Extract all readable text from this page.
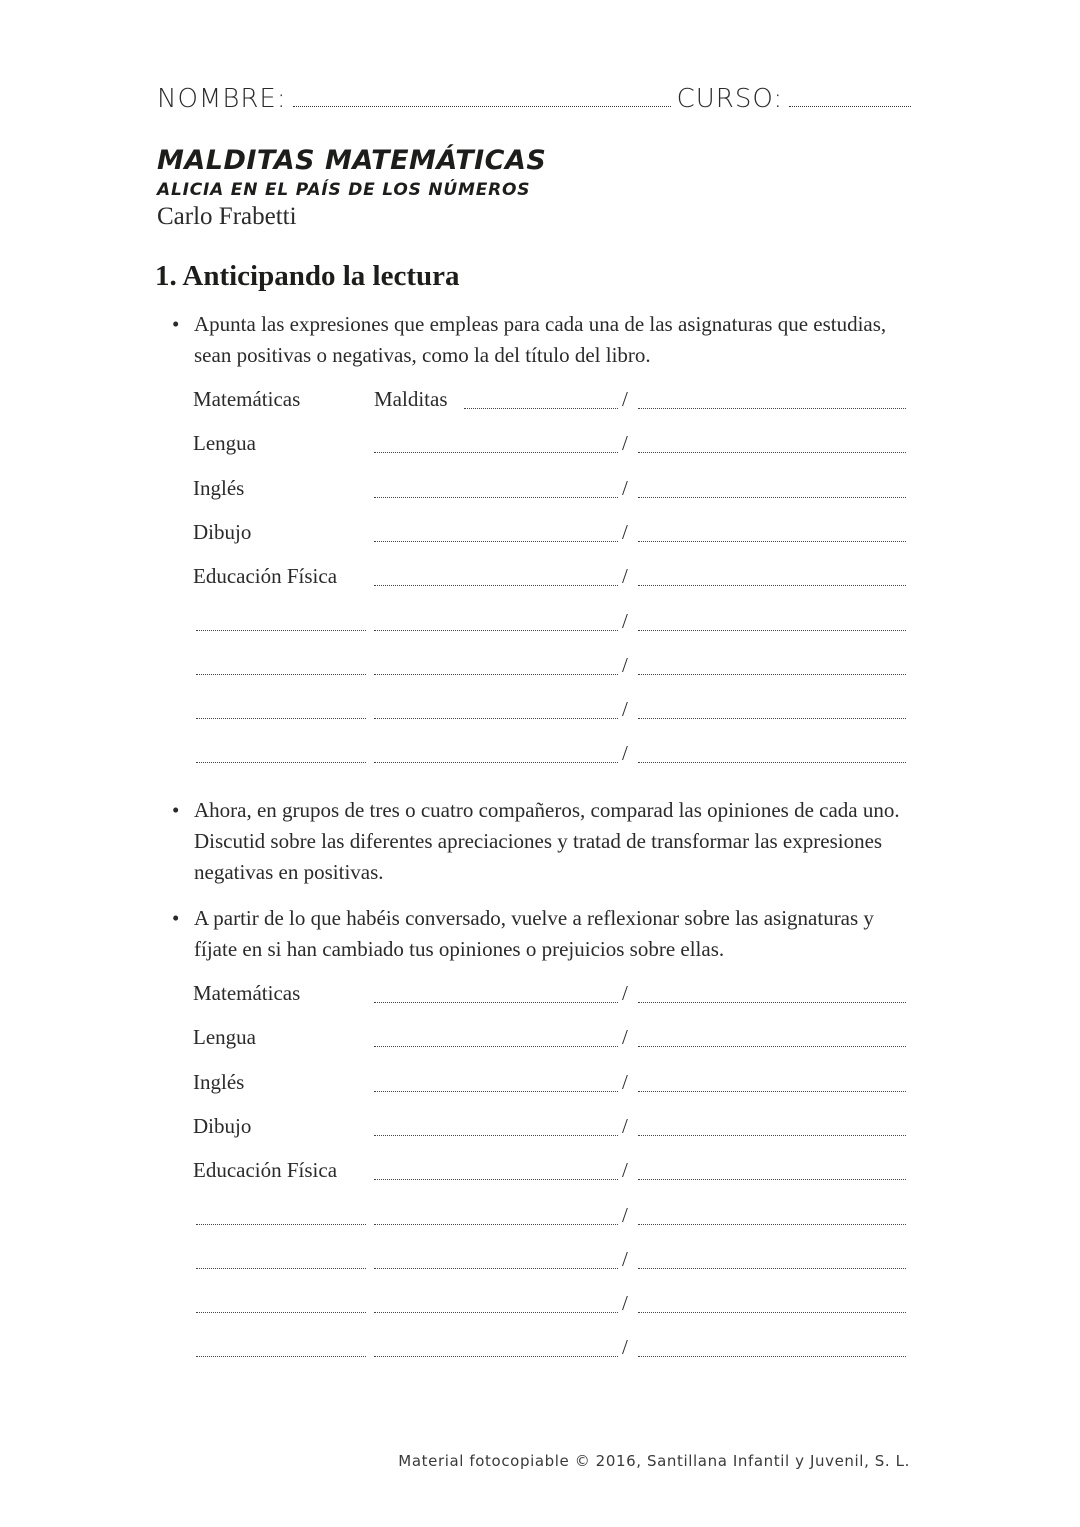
NOMBRE:	CURSO:
MALDITAS MATEMÁTICAS
ALICIA EN EL PAÍS DE LOS NÚMEROS
Carlo Frabetti
1. Anticipando la lectura
• Apunta las expresiones que empleas para cada una de las asignaturas que estudias, sean positivas o negativas, como la del título del libro.
Matemáticas	Malditas	/
Lengua	/
Inglés	/
Dibujo	/
Educación Física	/
/
/
/
/
• Ahora, en grupos de tres o cuatro compañeros, comparad las opiniones de cada uno. Discutid sobre las diferentes apreciaciones y tratad de transformar las expresiones negativas en positivas.
• A partir de lo que habéis conversado, vuelve a reflexionar sobre las asignaturas y fíjate en si han cambiado tus opiniones o prejuicios sobre ellas.
Matemáticas	/
Lengua	/
Inglés	/
Dibujo	/
Educación Física	/
/
/
/
/
Material fotocopiable © 2016, Santillana Infantil y Juvenil, S. L.
